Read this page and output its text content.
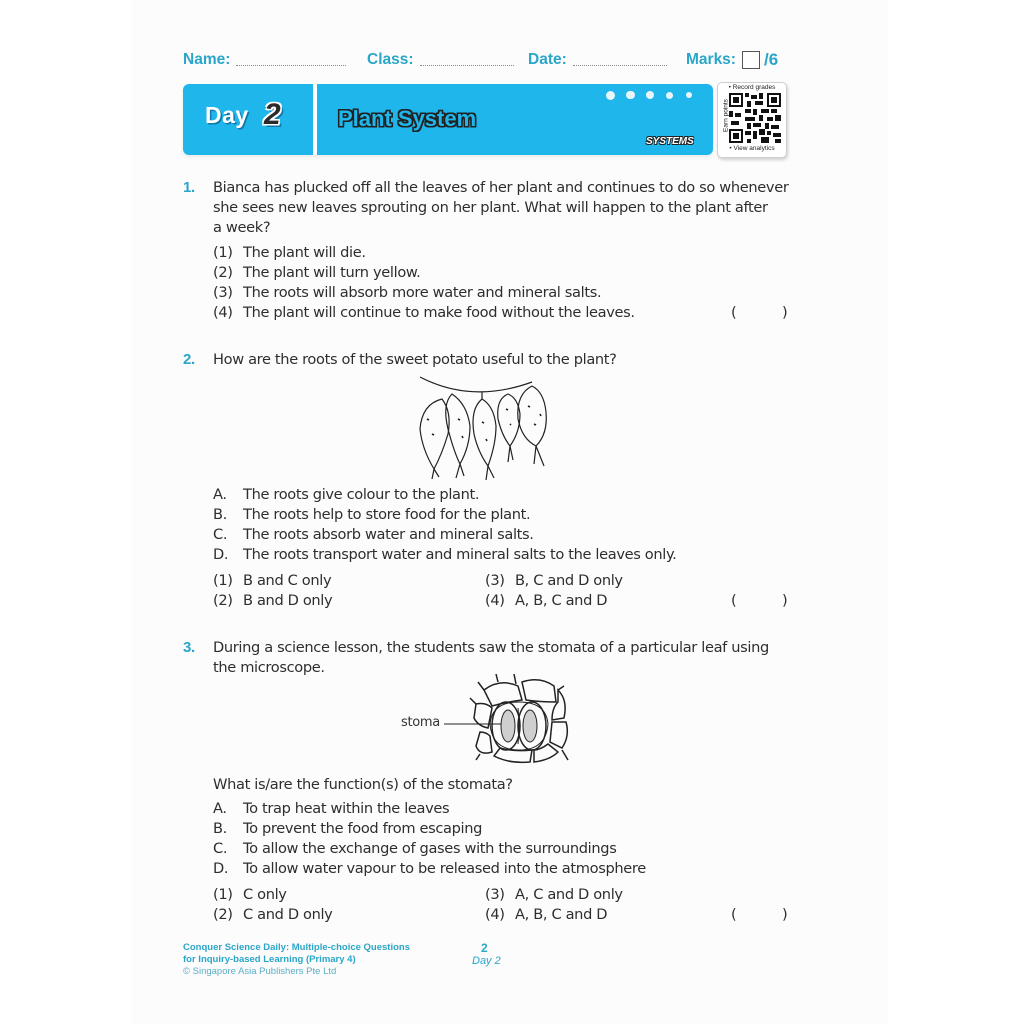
Name:	Class:	Date:	Marks: /6
Day 2	Plant System
SYSTEMS
• Record grades
Earn points
• View analytics
1. Bianca has plucked off all the leaves of her plant and continues to do so whenever
she sees new leaves sprouting on her plant. What will happen to the plant after
a week?
(1) The plant will die.
(2) The plant will turn yellow.
(3) The roots will absorb more water and mineral salts.
(4) The plant will continue to make food without the leaves.	(	)
2. How are the roots of the sweet potato useful to the plant?
A. The roots give colour to the plant.
B. The roots help to store food for the plant.
C. The roots absorb water and mineral salts.
D. The roots transport water and mineral salts to the leaves only.
(1) B and C only
(2) B and D only
(3) B, C and D only
(4) A, B, C and D	(	)
3. During a science lesson, the students saw the stomata of a particular leaf using
the microscope.
stoma
What is/are the function(s) of the stomata?
A. To trap heat within the leaves
B. To prevent the food from escaping
C. To allow the exchange of gases with the surroundings
D. To allow water vapour to be released into the atmosphere
(1) C only
(2) C and D only
(3) A, C and D only
(4) A, B, C and D	(	)
Conquer Science Daily: Multiple-choice Questions
for Inquiry-based Learning (Primary 4)
© Singapore Asia Publishers Pte Ltd
2
Day 2
